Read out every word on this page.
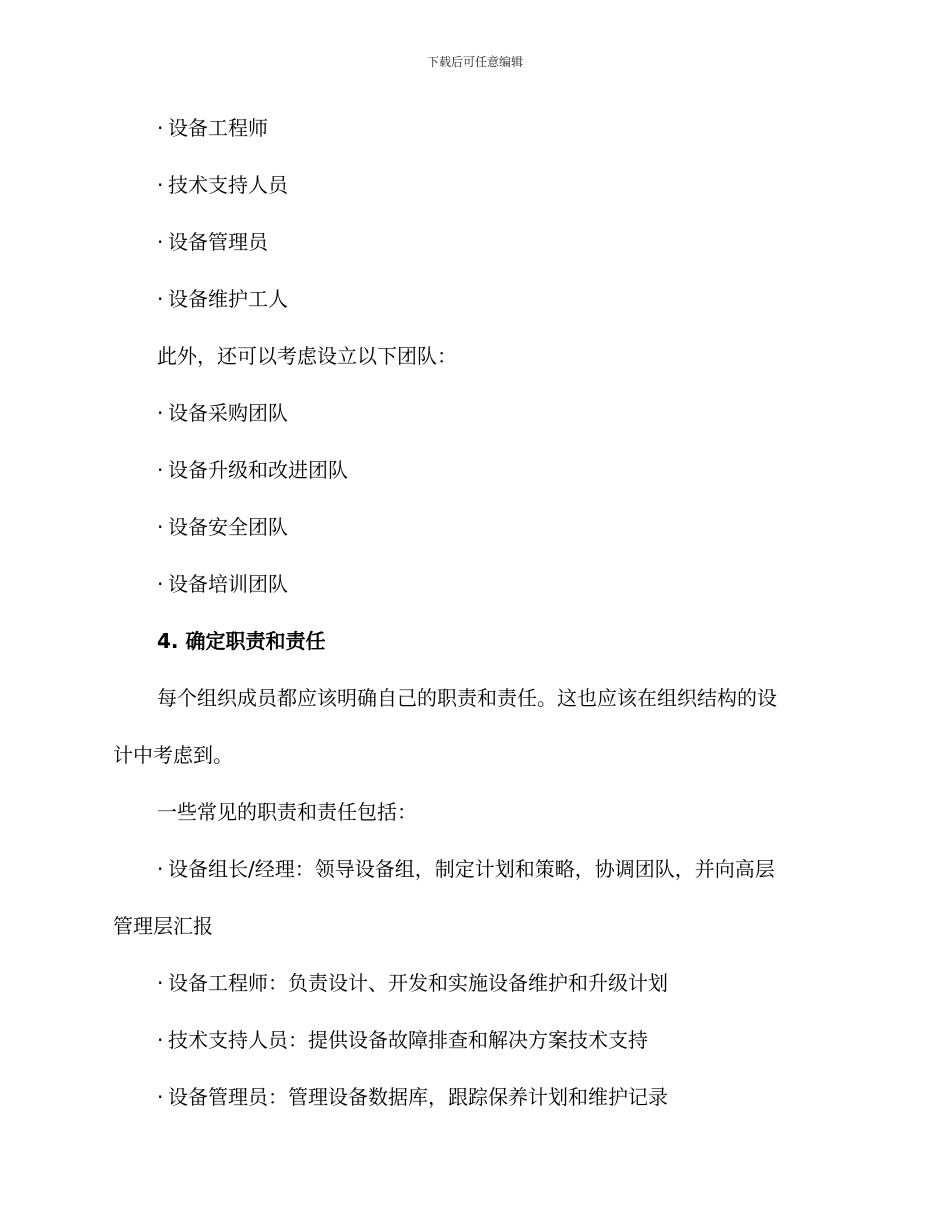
下载后可任意编辑
· 设备工程师
· 技术支持人员
· 设备管理员
· 设备维护工人
此外，还可以考虑设立以下团队：
· 设备采购团队
· 设备升级和改进团队
· 设备安全团队
· 设备培训团队
4. 确定职责和责任
每个组织成员都应该明确自己的职责和责任。这也应该在组织结构的设
计中考虑到。
一些常见的职责和责任包括：
· 设备组长/经理：领导设备组，制定计划和策略，协调团队，并向高层
管理层汇报
· 设备工程师：负责设计、开发和实施设备维护和升级计划
· 技术支持人员：提供设备故障排查和解决方案技术支持
· 设备管理员：管理设备数据库，跟踪保养计划和维护记录
